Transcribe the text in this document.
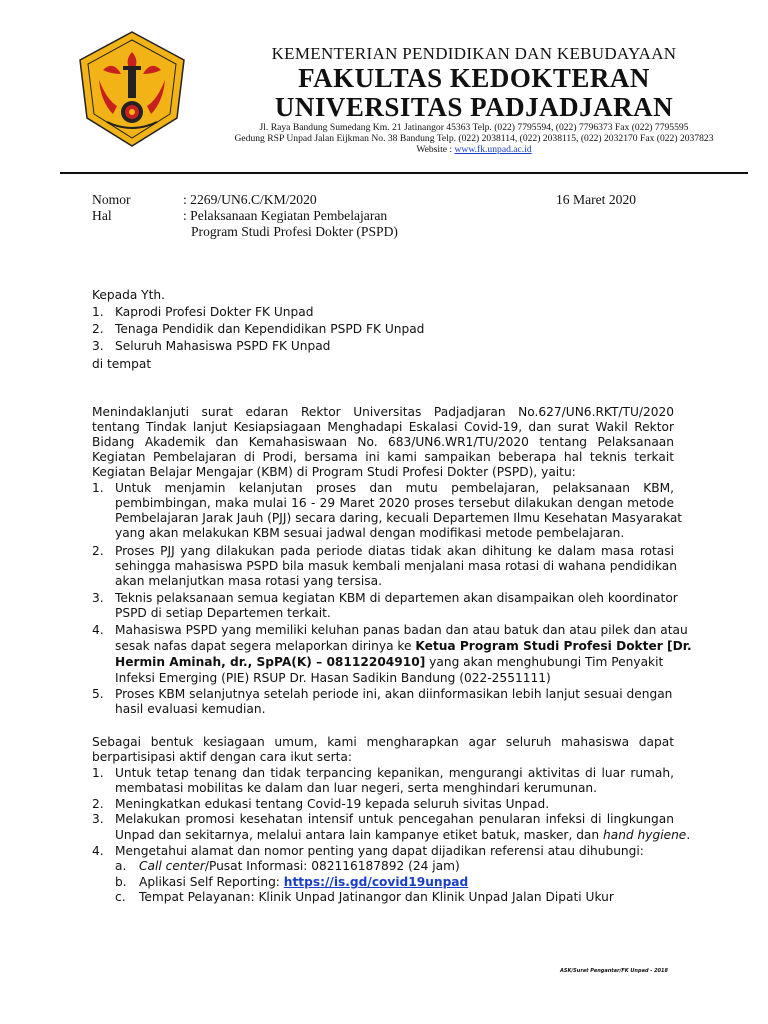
KEMENTERIAN PENDIDIKAN DAN KEBUDAYAAN
FAKULTAS KEDOKTERAN
UNIVERSITAS PADJADJARAN
Jl. Raya Bandung Sumedang Km. 21 Jatinangor 45363 Telp. (022) 7795594, (022) 7796373 Fax (022) 7795595
Gedung RSP Unpad Jalan Eijkman No. 38 Bandung Telp. (022) 2038114, (022) 2038115, (022) 2032170 Fax (022) 2037823
Website : www.fk.unpad.ac.id
Nomor	: 2269/UN6.C/KM/2020	16 Maret 2020
Hal	: Pelaksanaan Kegiatan Pembelajaran
Program Studi Profesi Dokter (PSPD)
Kepada Yth.
1. Kaprodi Profesi Dokter FK Unpad
2. Tenaga Pendidik dan Kependidikan PSPD FK Unpad
3. Seluruh Mahasiswa PSPD FK Unpad
di tempat
Menindaklanjuti surat edaran Rektor Universitas Padjadjaran No.627/UN6.RKT/TU/2020
tentang Tindak lanjut Kesiapsiagaan Menghadapi Eskalasi Covid-19, dan surat Wakil Rektor
Bidang Akademik dan Kemahasiswaan No. 683/UN6.WR1/TU/2020 tentang Pelaksanaan
Kegiatan Pembelajaran di Prodi, bersama ini kami sampaikan beberapa hal teknis terkait
Kegiatan Belajar Mengajar (KBM) di Program Studi Profesi Dokter (PSPD), yaitu:
1. Untuk menjamin kelanjutan proses dan mutu pembelajaran, pelaksanaan KBM,
pembimbingan, maka mulai 16 - 29 Maret 2020 proses tersebut dilakukan dengan metode
Pembelajaran Jarak Jauh (PJJ) secara daring, kecuali Departemen Ilmu Kesehatan Masyarakat
yang akan melakukan KBM sesuai jadwal dengan modifikasi metode pembelajaran.
2. Proses PJJ yang dilakukan pada periode diatas tidak akan dihitung ke dalam masa rotasi
sehingga mahasiswa PSPD bila masuk kembali menjalani masa rotasi di wahana pendidikan
akan melanjutkan masa rotasi yang tersisa.
3. Teknis pelaksanaan semua kegiatan KBM di departemen akan disampaikan oleh koordinator
PSPD di setiap Departemen terkait.
4. Mahasiswa PSPD yang memiliki keluhan panas badan dan atau batuk dan atau pilek dan atau
sesak nafas dapat segera melaporkan dirinya ke Ketua Program Studi Profesi Dokter [Dr.
Hermin Aminah, dr., SpPA(K) – 08112204910] yang akan menghubungi Tim Penyakit
Infeksi Emerging (PIE) RSUP Dr. Hasan Sadikin Bandung (022-2551111)
5. Proses KBM selanjutnya setelah periode ini, akan diinformasikan lebih lanjut sesuai dengan
hasil evaluasi kemudian.
Sebagai bentuk kesiagaan umum, kami mengharapkan agar seluruh mahasiswa dapat
berpartisipasi aktif dengan cara ikut serta:
1. Untuk tetap tenang dan tidak terpancing kepanikan, mengurangi aktivitas di luar rumah,
membatasi mobilitas ke dalam dan luar negeri, serta menghindari kerumunan.
2. Meningkatkan edukasi tentang Covid-19 kepada seluruh sivitas Unpad.
3. Melakukan promosi kesehatan intensif untuk pencegahan penularan infeksi di lingkungan
Unpad dan sekitarnya, melalui antara lain kampanye etiket batuk, masker, dan hand hygiene.
4. Mengetahui alamat dan nomor penting yang dapat dijadikan referensi atau dihubungi:
a. Call center/Pusat Informasi: 082116187892 (24 jam)
b. Aplikasi Self Reporting: https://is.gd/covid19unpad
c. Tempat Pelayanan: Klinik Unpad Jatinangor dan Klinik Unpad Jalan Dipati Ukur
ASK/Surat Pengantar/FK Unpad - 2018
